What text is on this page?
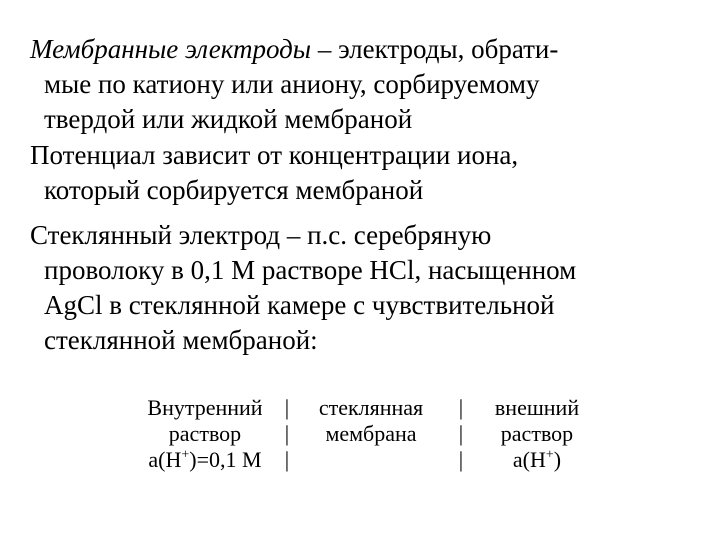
Мембранные электроды – электроды, обрати-
мые по катиону или аниону, сорбируемому
твердой или жидкой мембраной

Потенциал зависит от концентрации иона,
который сорбируется мембраной

Стеклянный электрод – п.с. серебряную
проволоку в 0,1 М растворе HCl, насыщенном
AgCl в стеклянной камере с чувствительной
стеклянной мембраной:

Внутренний	|	стеклянная	|	внешний
раствор	|	мембрана	|	раствор
a(H+)=0,1 М	|	|	a(H+)
